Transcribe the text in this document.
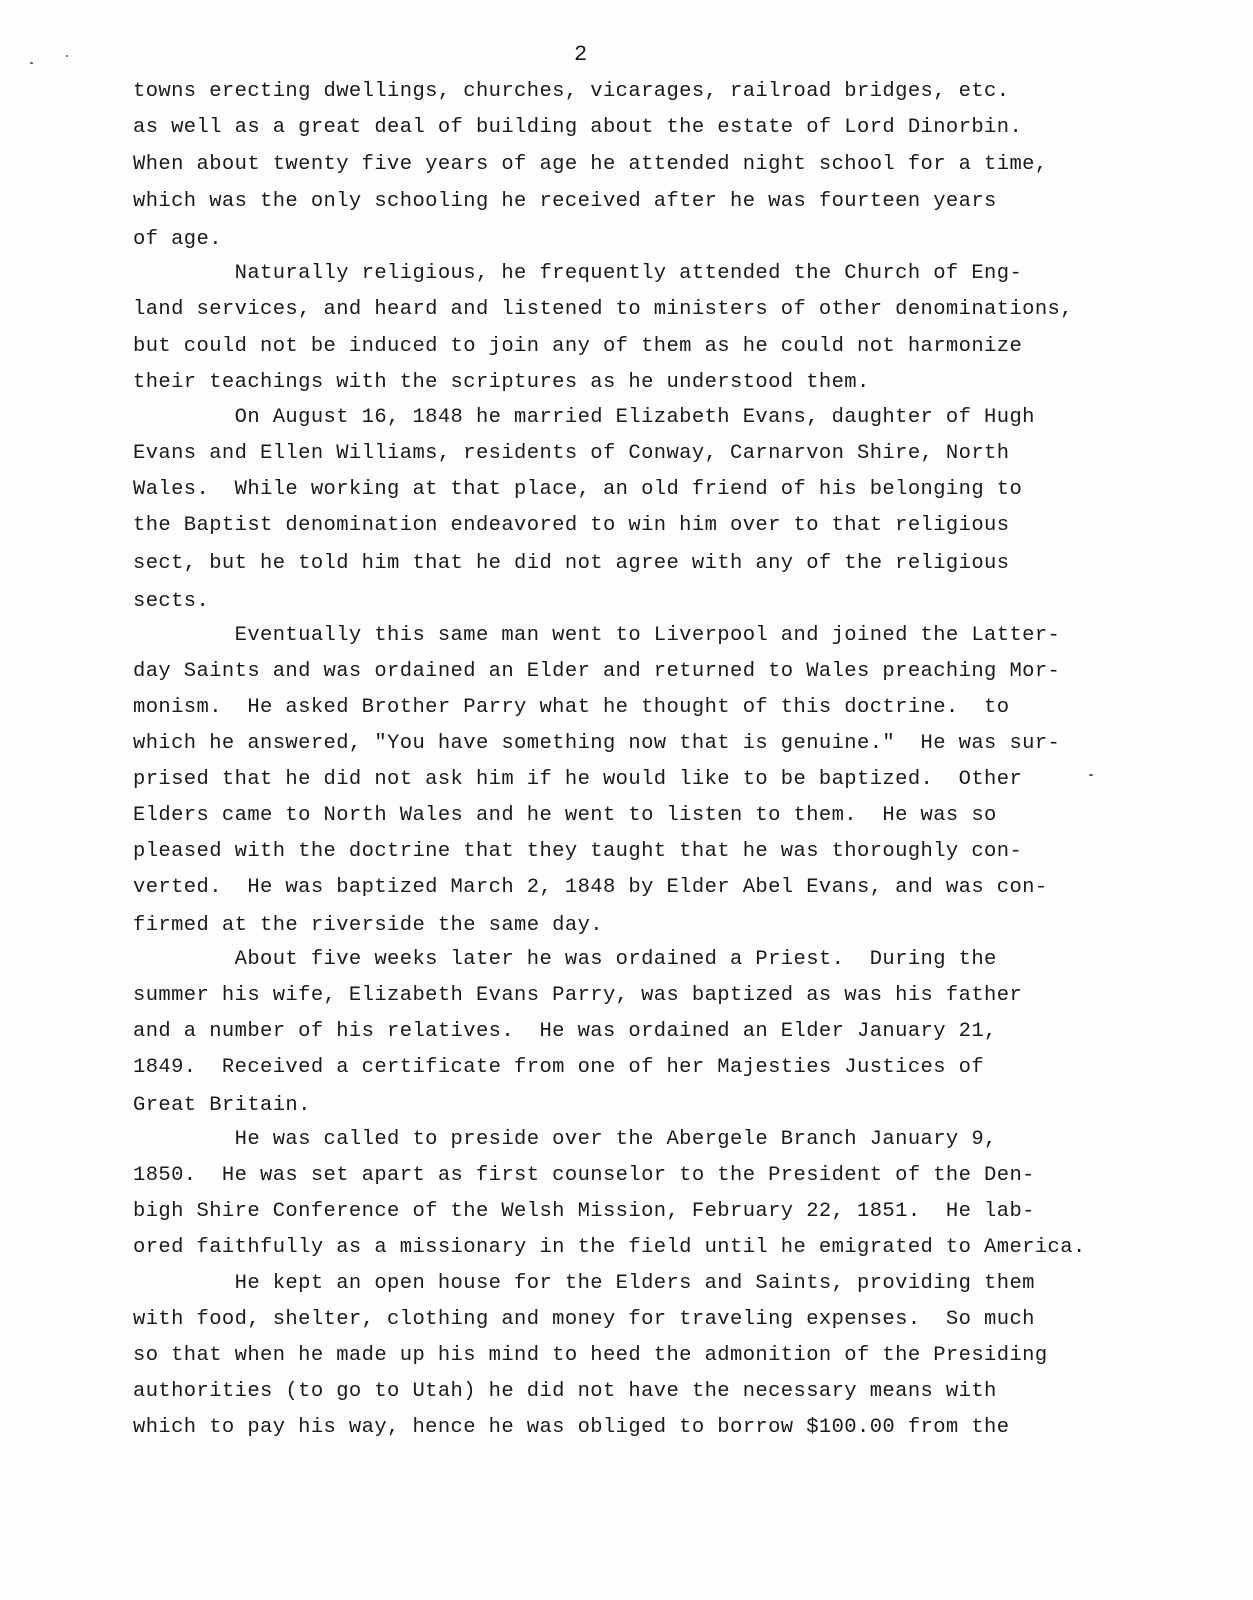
2
towns erecting dwellings, churches, vicarages, railroad bridges, etc.
as well as a great deal of building about the estate of Lord Dinorbin.
When about twenty five years of age he attended night school for a time,
which was the only schooling he received after he was fourteen years
of age.
Naturally religious, he frequently attended the Church of Eng-
land services, and heard and listened to ministers of other denominations,
but could not be induced to join any of them as he could not harmonize
their teachings with the scriptures as he understood them.
On August 16, 1848 he married Elizabeth Evans, daughter of Hugh
Evans and Ellen Williams, residents of Conway, Carnarvon Shire, North
Wales.  While working at that place, an old friend of his belonging to
the Baptist denomination endeavored to win him over to that religious
sect, but he told him that he did not agree with any of the religious
sects.
Eventually this same man went to Liverpool and joined the Latter-
day Saints and was ordained an Elder and returned to Wales preaching Mor-
monism.  He asked Brother Parry what he thought of this doctrine.  to
which he answered, "You have something now that is genuine."  He was sur-
prised that he did not ask him if he would like to be baptized.  Other
Elders came to North Wales and he went to listen to them.  He was so
pleased with the doctrine that they taught that he was thoroughly con-
verted.  He was baptized March 2, 1848 by Elder Abel Evans, and was con-
firmed at the riverside the same day.
About five weeks later he was ordained a Priest.  During the
summer his wife, Elizabeth Evans Parry, was baptized as was his father
and a number of his relatives.  He was ordained an Elder January 21,
1849.  Received a certificate from one of her Majesties Justices of
Great Britain.
He was called to preside over the Abergele Branch January 9,
1850.  He was set apart as first counselor to the President of the Den-
bigh Shire Conference of the Welsh Mission, February 22, 1851.  He lab-
ored faithfully as a missionary in the field until he emigrated to America.
He kept an open house for the Elders and Saints, providing them
with food, shelter, clothing and money for traveling expenses.  So much
so that when he made up his mind to heed the admonition of the Presiding
authorities (to go to Utah) he did not have the necessary means with
which to pay his way, hence he was obliged to borrow $100.00 from the
